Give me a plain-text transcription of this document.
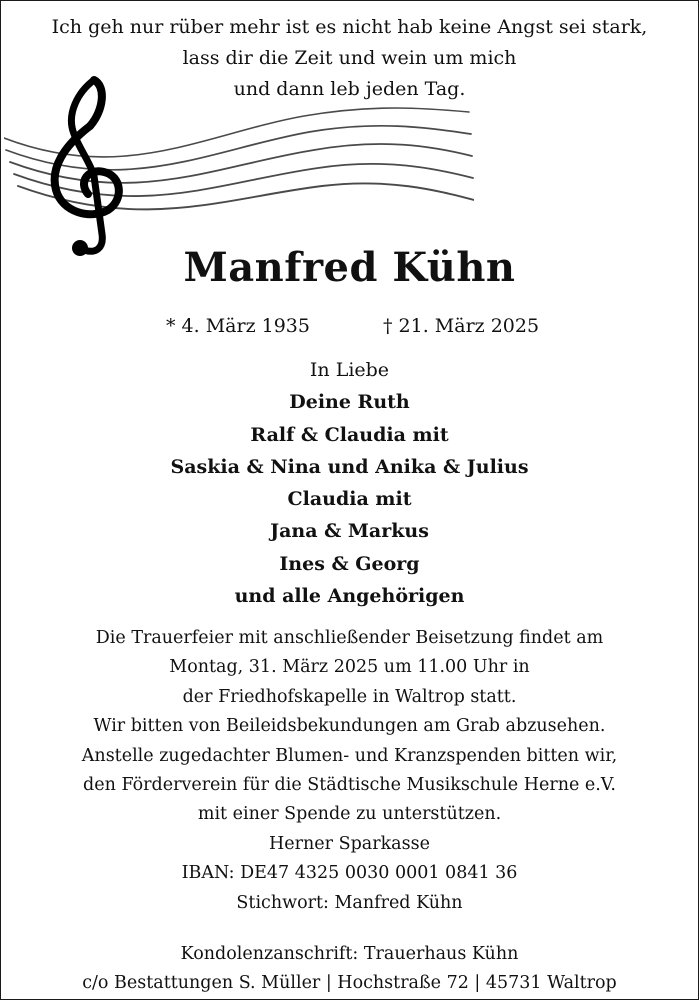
Ich geh nur rüber mehr ist es nicht hab keine Angst sei stark,
lass dir die Zeit und wein um mich
und dann leb jeden Tag.
Manfred Kühn
* 4. März 1935	† 21. März 2025
In Liebe
Deine Ruth
Ralf & Claudia mit
Saskia & Nina und Anika & Julius
Claudia mit
Jana & Markus
Ines & Georg
und alle Angehörigen
Die Trauerfeier mit anschließender Beisetzung findet am
Montag, 31. März 2025 um 11.00 Uhr in
der Friedhofskapelle in Waltrop statt.
Wir bitten von Beileidsbekundungen am Grab abzusehen.
Anstelle zugedachter Blumen- und Kranzspenden bitten wir,
den Förderverein für die Städtische Musikschule Herne e.V.
mit einer Spende zu unterstützen.
Herner Sparkasse
IBAN: DE47 4325 0030 0001 0841 36
Stichwort: Manfred Kühn
Kondolenzanschrift: Trauerhaus Kühn
c/o Bestattungen S. Müller | Hochstraße 72 | 45731 Waltrop
